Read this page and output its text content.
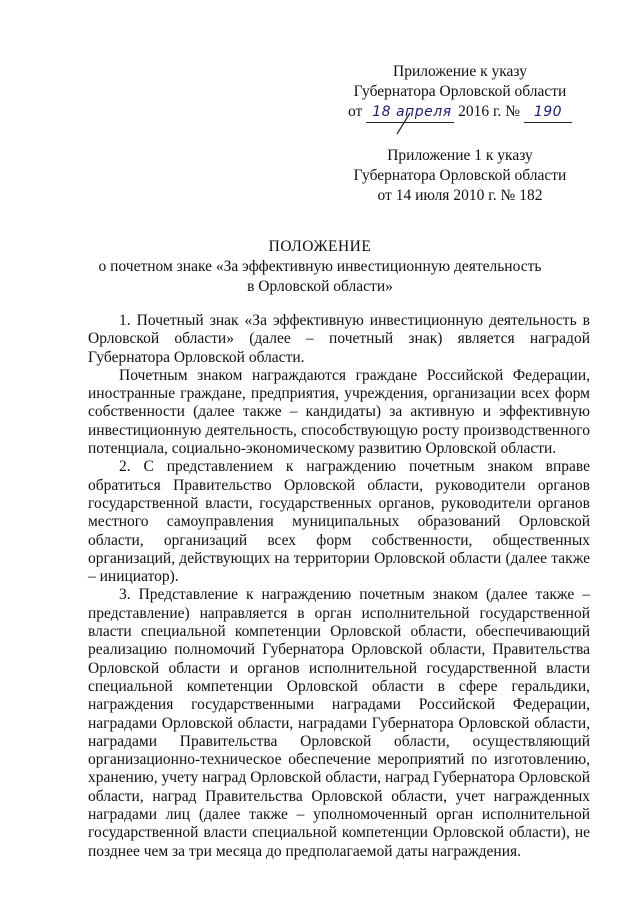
Приложение к указу
Губернатора Орловской области
от 18 апреля 2016 г. № 190
Приложение 1 к указу
Губернатора Орловской области
от 14 июля 2010 г. № 182
ПОЛОЖЕНИЕ
о почетном знаке «За эффективную инвестиционную деятельность
в Орловской области»

1. Почетный знак «За эффективную инвестиционную деятельность в Орловской области» (далее – почетный знак) является наградой Губернатора Орловской области.

Почетным знаком награждаются граждане Российской Федерации, иностранные граждане, предприятия, учреждения, организации всех форм собственности (далее также – кандидаты) за активную и эффективную инвестиционную деятельность, способствующую росту производственного потенциала, социально-экономическому развитию Орловской области.

2. С представлением к награждению почетным знаком вправе обратиться Правительство Орловской области, руководители органов государственной власти, государственных органов, руководители органов местного самоуправления муниципальных образований Орловской области, организаций всех форм собственности, общественных организаций, действующих на территории Орловской области (далее также – инициатор).

3. Представление к награждению почетным знаком (далее также – представление) направляется в орган исполнительной государственной власти специальной компетенции Орловской области, обеспечивающий реализацию полномочий Губернатора Орловской области, Правительства Орловской области и органов исполнительной государственной власти специальной компетенции Орловской области в сфере геральдики, награждения государственными наградами Российской Федерации, наградами Орловской области, наградами Губернатора Орловской области, наградами Правительства Орловской области, осуществляющий организационно-техническое обеспечение мероприятий по изготовлению, хранению, учету наград Орловской области, наград Губернатора Орловской области, наград Правительства Орловской области, учет награжденных наградами лиц (далее также – уполномоченный орган исполнительной государственной власти специальной компетенции Орловской области), не позднее чем за три месяца до предполагаемой даты награждения.
